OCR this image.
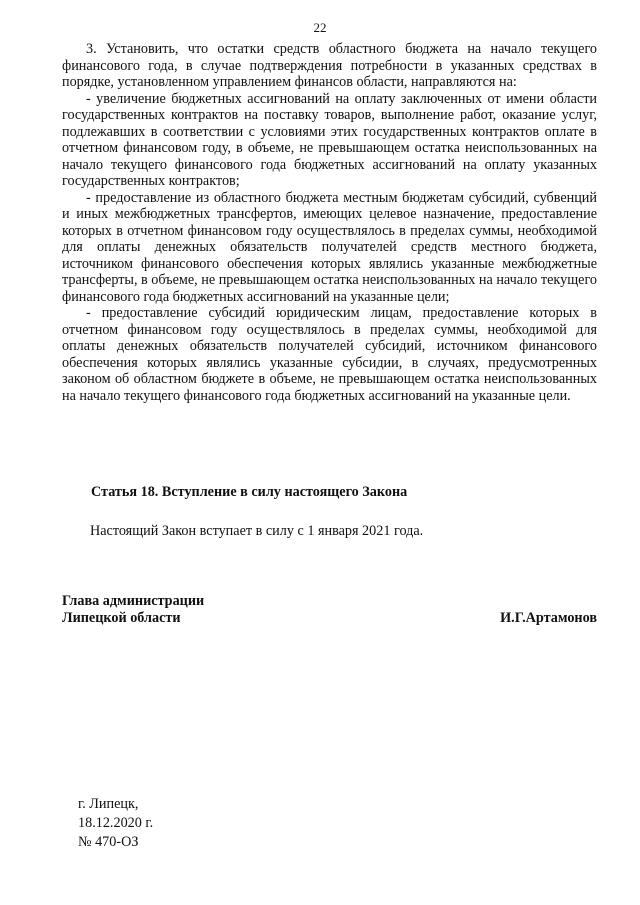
22

3. Установить, что остатки средств областного бюджета на начало текущего финансового года, в случае подтверждения потребности в указанных средствах в порядке, установленном управлением финансов области, направляются на:

- увеличение бюджетных ассигнований на оплату заключенных от имени области государственных контрактов на поставку товаров, выполнение работ, оказание услуг, подлежавших в соответствии с условиями этих государственных контрактов оплате в отчетном финансовом году, в объеме, не превышающем остатка неиспользованных на начало текущего финансового года бюджетных ассигнований на оплату указанных государственных контрактов;

- предоставление из областного бюджета местным бюджетам субсидий, субвенций и иных межбюджетных трансфертов, имеющих целевое назначение, предоставление которых в отчетном финансовом году осуществлялось в пределах суммы, необходимой для оплаты денежных обязательств получателей средств местного бюджета, источником финансового обеспечения которых являлись указанные межбюджетные трансферты, в объеме, не превышающем остатка неиспользованных на начало текущего финансового года бюджетных ассигнований на указанные цели;

- предоставление субсидий юридическим лицам, предоставление которых в отчетном финансовом году осуществлялось в пределах суммы, необходимой для оплаты денежных обязательств получателей субсидий, источником финансового обеспечения которых являлись указанные субсидии, в случаях, предусмотренных законом об областном бюджете в объеме, не превышающем остатка неиспользованных на начало текущего финансового года бюджетных ассигнований на указанные цели.

Статья 18. Вступление в силу настоящего Закона
Настоящий Закон вступает в силу с 1 января 2021 года.
Глава администрации
Липецкой области	И.Г.Артамонов
г. Липецк,
18.12.2020 г.
№ 470-ОЗ
